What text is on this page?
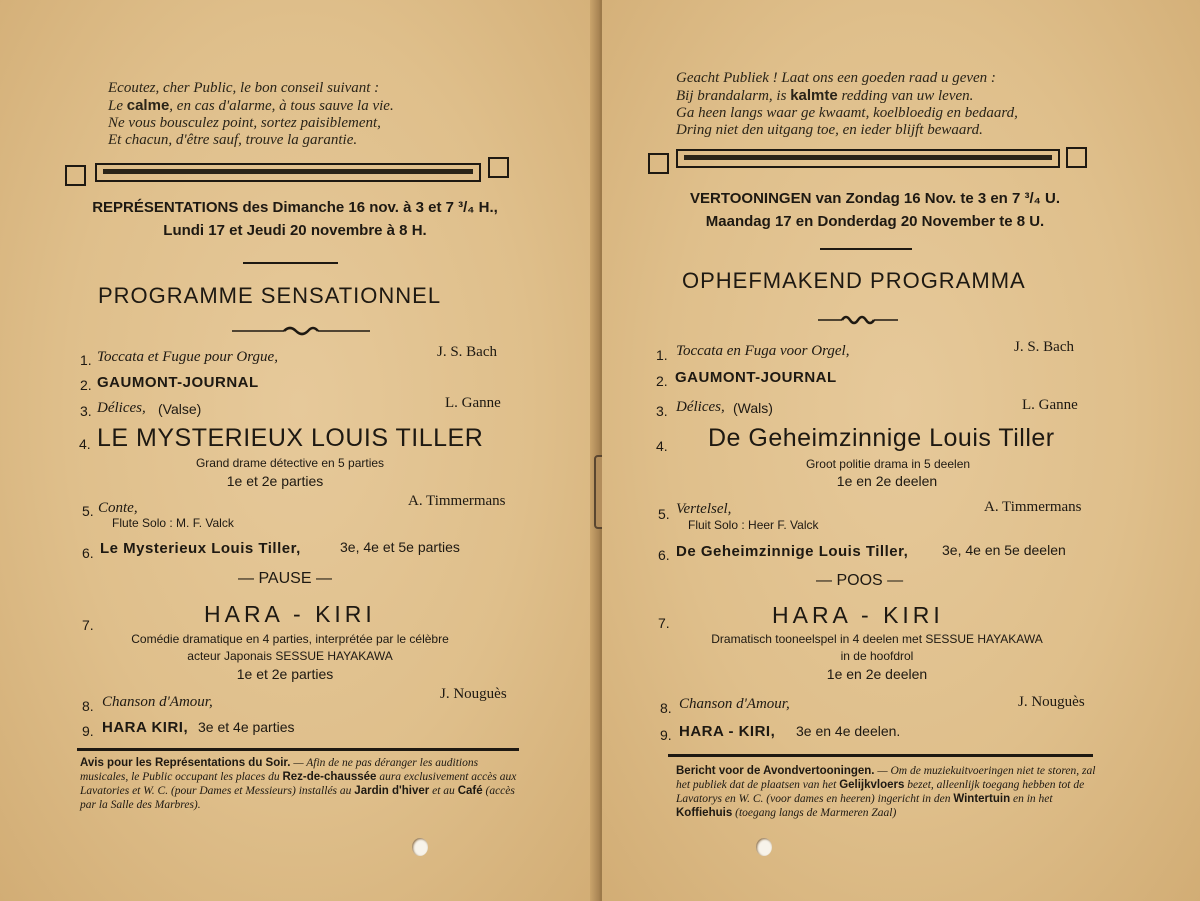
Ecoutez, cher Public, le bon conseil suivant :
Le calme, en cas d'alarme, à tous sauve la vie.
Ne vous bousculez point, sortez paisiblement,
Et chacun, d'être sauf, trouve la garantie.
REPRÉSENTATIONS des Dimanche 16 nov. à 3 et 7 ³/₄ H.,
Lundi 17 et Jeudi 20 novembre à 8 H.
PROGRAMME SENSATIONNEL
1. Toccata et Fugue pour Orgue,	J. S. Bach
2. GAUMONT-JOURNAL
3. Délices, (Valse)	L. Ganne
4. LE MYSTERIEUX LOUIS TILLER
Grand drame détective en 5 parties
1e et 2e parties
5. Conte,	A. Timmermans
Flute Solo : M. F. Valck
6. Le Mysterieux Louis Tiller,	3e, 4e et 5e parties
— PAUSE —
7.	HARA - KIRI
Comédie dramatique en 4 parties, interprétée par le célèbre
acteur Japonais SESSUE HAYAKAWA
1e et 2e parties
8. Chanson d'Amour,	J. Nouguès
9. HARA KIRI, 3e et 4e parties
Avis pour les Représentations du Soir. — Afin de ne pas déranger les auditions musicales, le Public occupant les places du Rez-de-chaussée aura exclusivement accès aux Lavatories et W. C. (pour Dames et Messieurs) installés au Jardin d'hiver et au Café (accès par la Salle des Marbres).
Geacht Publiek ! Laat ons een goeden raad u geven :
Bij brandalarm, is kalmte redding van uw leven.
Ga heen langs waar ge kwaamt, koelbloedig en bedaard,
Dring niet den uitgang toe, en ieder blijft bewaard.
VERTOONINGEN van Zondag 16 Nov. te 3 en 7 ³/₄ U.
Maandag 17 en Donderdag 20 November te 8 U.
OPHEFMAKEND PROGRAMMA
1. Toccata en Fuga voor Orgel,	J. S. Bach
2. GAUMONT-JOURNAL
3. Délices, (Wals)	L. Ganne
4. De Geheimzinnige Louis Tiller
Groot politie drama in 5 deelen
1e en 2e deelen
5. Vertelsel,	A. Timmermans
Fluit Solo : Heer F. Valck
6. De Geheimzinnige Louis Tiller, 3e, 4e en 5e deelen
— POOS —
7.	HARA - KIRI
Dramatisch tooneelspel in 4 deelen met SESSUE HAYAKAWA
in de hoofdrol
1e en 2e deelen
8. Chanson d'Amour,	J. Nouguès
9. HARA - KIRI, 3e en 4e deelen.
Bericht voor de Avondvertooningen. — Om de muziekuitvoeringen niet te storen, zal het publiek dat de plaatsen van het Gelijkvloers bezet, alleenlijk toegang hebben tot de Lavatorys en W. C. (voor dames en heeren) ingericht in den Wintertuin en in het Koffiehuis (toegang langs de Marmeren Zaal)
